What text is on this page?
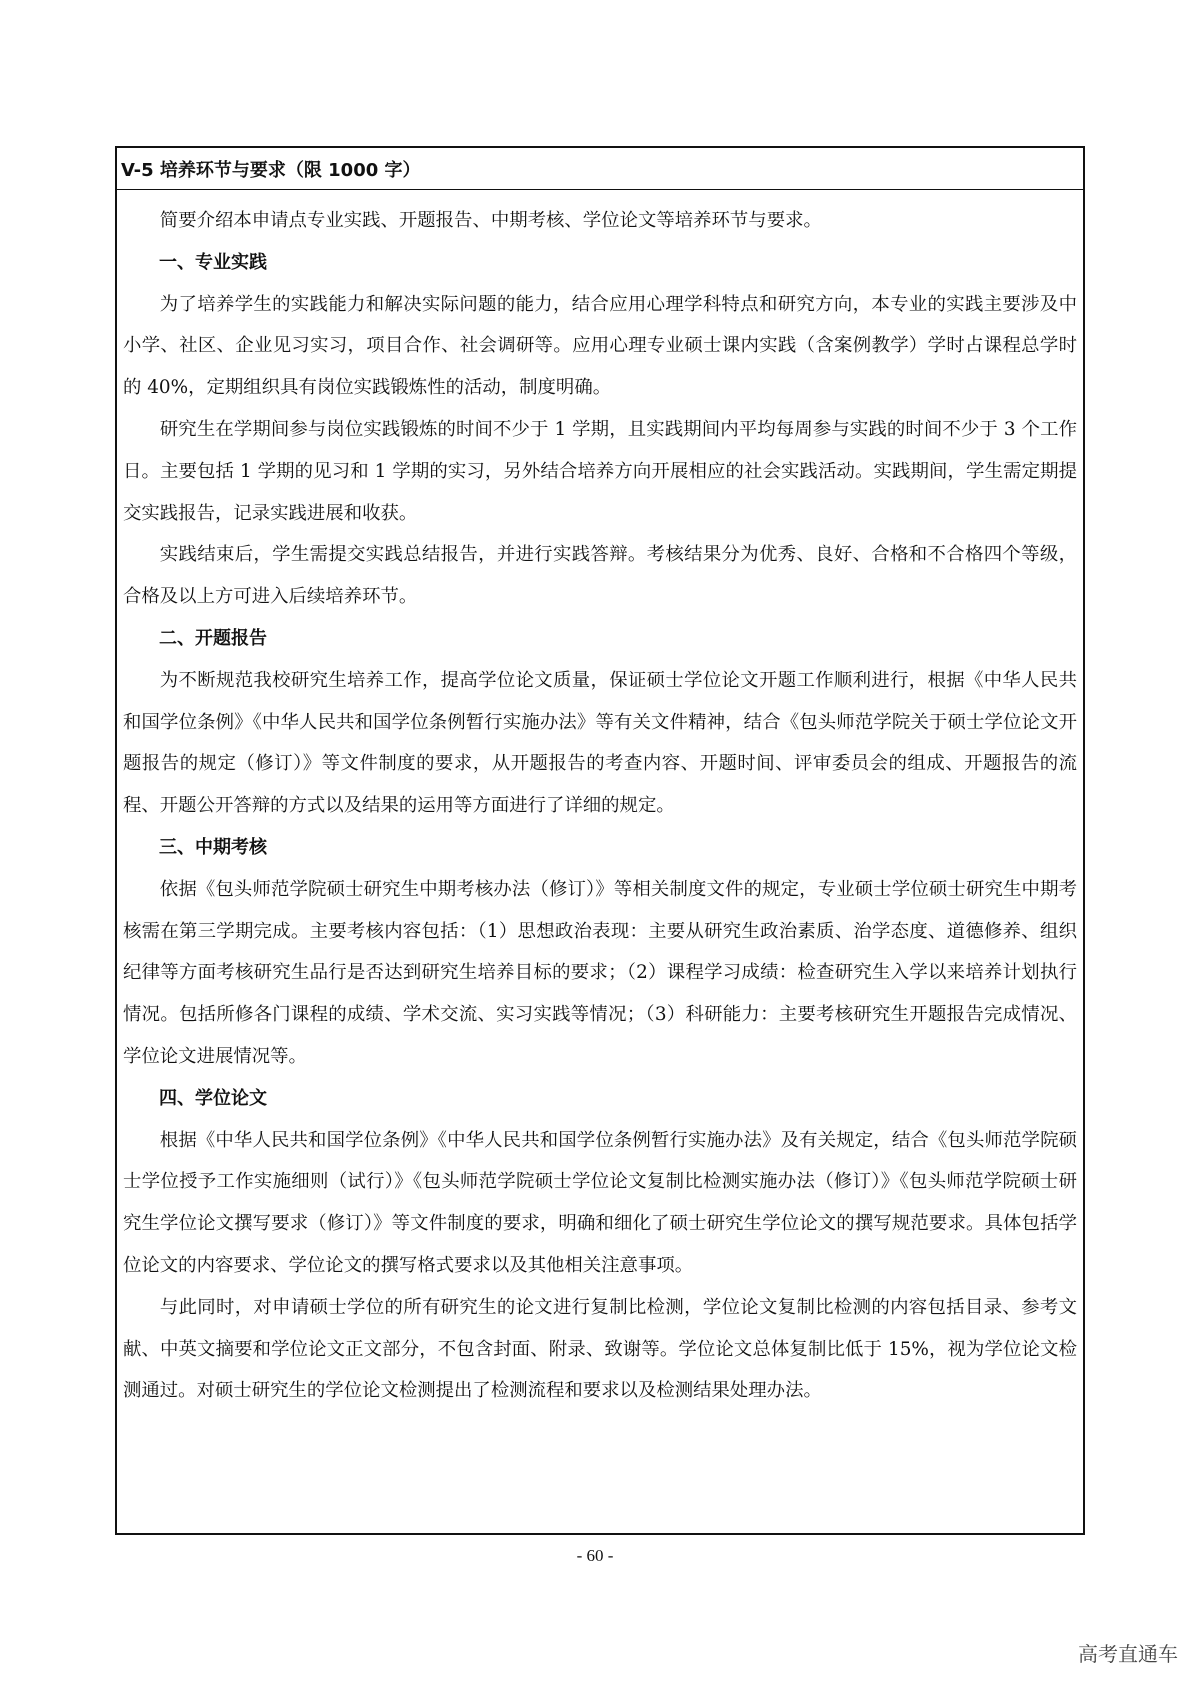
V-5 培养环节与要求（限 1000 字）

简要介绍本申请点专业实践、开题报告、中期考核、学位论文等培养环节与要求。

一、专业实践

为了培养学生的实践能力和解决实际问题的能力，结合应用心理学科特点和研究方向，本专业的实践主要涉及中小学、社区、企业见习实习，项目合作、社会调研等。应用心理专业硕士课内实践（含案例教学）学时占课程总学时的 40%，定期组织具有岗位实践锻炼性的活动，制度明确。

研究生在学期间参与岗位实践锻炼的时间不少于 1 学期，且实践期间内平均每周参与实践的时间不少于 3 个工作日。主要包括 1 学期的见习和 1 学期的实习，另外结合培养方向开展相应的社会实践活动。实践期间，学生需定期提交实践报告，记录实践进展和收获。

实践结束后，学生需提交实践总结报告，并进行实践答辩。考核结果分为优秀、良好、合格和不合格四个等级，合格及以上方可进入后续培养环节。

二、开题报告

为不断规范我校研究生培养工作，提高学位论文质量，保证硕士学位论文开题工作顺利进行，根据《中华人民共和国学位条例》《中华人民共和国学位条例暂行实施办法》等有关文件精神，结合《包头师范学院关于硕士学位论文开题报告的规定（修订）》等文件制度的要求，从开题报告的考查内容、开题时间、评审委员会的组成、开题报告的流程、开题公开答辩的方式以及结果的运用等方面进行了详细的规定。

三、中期考核

依据《包头师范学院硕士研究生中期考核办法（修订）》等相关制度文件的规定，专业硕士学位硕士研究生中期考核需在第三学期完成。主要考核内容包括：（1）思想政治表现：主要从研究生政治素质、治学态度、道德修养、组织纪律等方面考核研究生品行是否达到研究生培养目标的要求；（2）课程学习成绩：检查研究生入学以来培养计划执行情况。包括所修各门课程的成绩、学术交流、实习实践等情况；（3）科研能力：主要考核研究生开题报告完成情况、学位论文进展情况等。

四、学位论文

根据《中华人民共和国学位条例》《中华人民共和国学位条例暂行实施办法》及有关规定，结合《包头师范学院硕士学位授予工作实施细则（试行）》《包头师范学院硕士学位论文复制比检测实施办法（修订）》《包头师范学院硕士研究生学位论文撰写要求（修订）》等文件制度的要求，明确和细化了硕士研究生学位论文的撰写规范要求。具体包括学位论文的内容要求、学位论文的撰写格式要求以及其他相关注意事项。

与此同时，对申请硕士学位的所有研究生的论文进行复制比检测，学位论文复制比检测的内容包括目录、参考文献、中英文摘要和学位论文正文部分，不包含封面、附录、致谢等。学位论文总体复制比低于 15%，视为学位论文检测通过。对硕士研究生的学位论文检测提出了检测流程和要求以及检测结果处理办法。

- 60 -
高考直通车
